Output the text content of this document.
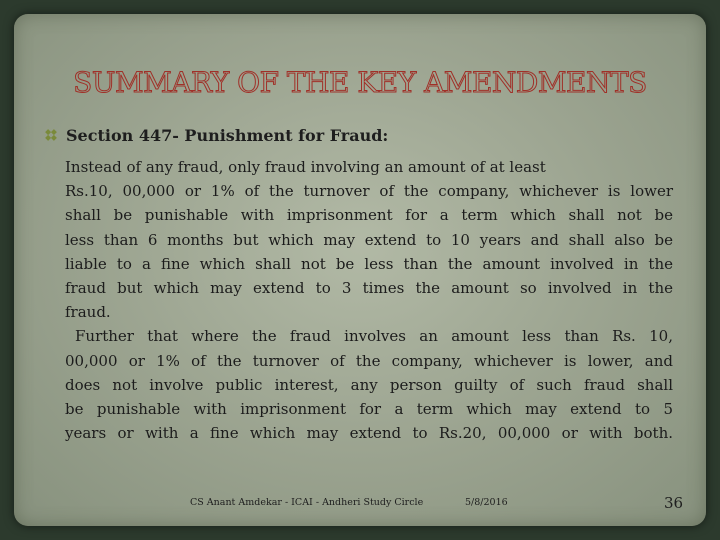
SUMMARY OF THE KEY AMENDMENTS
Section 447- Punishment for Fraud:
Instead of any fraud, only fraud involving an amount of at least
Rs.10, 00,000 or 1% of the turnover of the company, whichever is lower
shall be punishable with imprisonment for a term which shall not be
less than 6 months but which may extend to 10 years and shall also be
liable to a fine which shall not be less than the amount involved in the
fraud but which may extend to 3 times the amount so involved in the
fraud.
Further that where the fraud involves an amount less than Rs. 10,
00,000 or 1% of the turnover of the company, whichever is lower, and
does not involve public interest, any person guilty of such fraud shall
be punishable with imprisonment for a term which may extend to 5
years or with a fine which may extend to Rs.20, 00,000 or with both.
CS Anant Amdekar - ICAI - Andheri Study Circle	5/8/2016	36
